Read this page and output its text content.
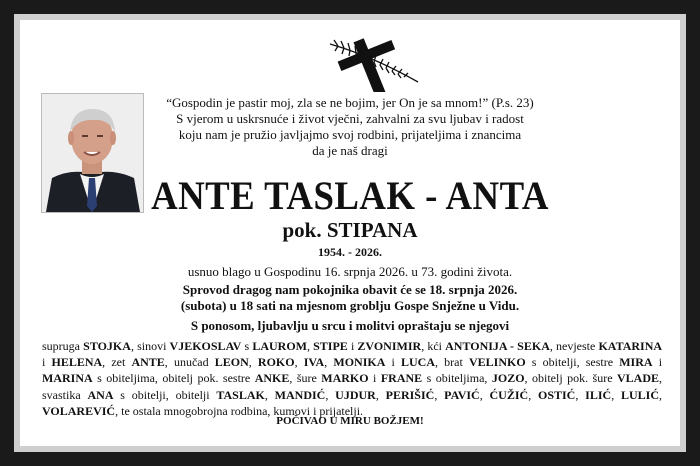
“Gospodin je pastir moj, zla se ne bojim, jer On je sa mnom!” (P.s. 23)
S vjerom u uskrsnuće i život vječni, zahvalni za svu ljubav i radost
koju nam je pružio javljajmo svoj rodbini, prijateljima i znancima
da je naš dragi
ANTE TASLAK - ANTA
pok. STIPANA
1954. - 2026.
usnuo blago u Gospodinu 16. srpnja 2026. u 73. godini života.
Sprovod dragog nam pokojnika obavit će se 18. srpnja 2026.
(subota) u 18 sati na mjesnom groblju Gospe Snježne u Vidu.
S ponosom, ljubavlju u srcu i molitvi opraštaju se njegovi
supruga STOJKA, sinovi VJEKOSLAV s LAUROM, STIPE i ZVONIMIR, kći ANTONIJA - SEKA, nevjeste KATARINA i HELENA, zet ANTE, unučad LEON, ROKO, IVA, MONIKA i LUCA, brat VELINKO s obitelji, sestre MIRA i MARINA s obiteljima, obitelj pok. sestre ANKE, šure MARKO i FRANE s obiteljima, JOZO, obitelj pok. šure VLADE, svastika ANA s obitelji, obitelji TASLAK, MANDIĆ, UJDUR, PERIŠIĆ, PAVIĆ, ĆUŽIĆ, OSTIĆ, ILIĆ, LULIĆ, VOLAREVIĆ, te ostala mnogobrojna rodbina, kumovi i prijatelji.
POČIVAO U MIRU BOŽJEM!
